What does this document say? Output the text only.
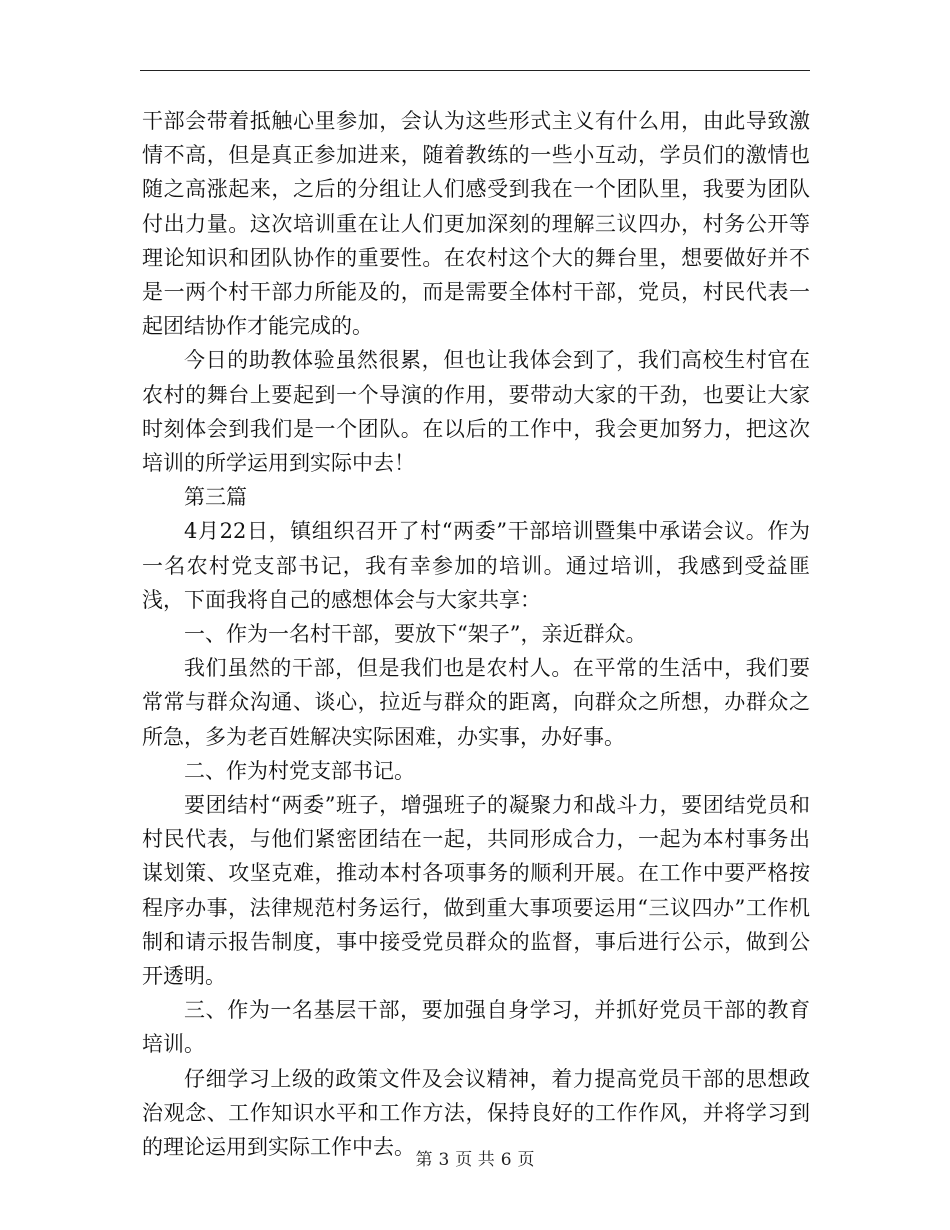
干部会带着抵触心里参加，会认为这些形式主义有什么用，由此导致激情不高，但是真正参加进来，随着教练的一些小互动，学员们的激情也随之高涨起来，之后的分组让人们感受到我在一个团队里，我要为团队付出力量。这次培训重在让人们更加深刻的理解三议四办，村务公开等理论知识和团队协作的重要性。在农村这个大的舞台里，想要做好并不是一两个村干部力所能及的，而是需要全体村干部，党员，村民代表一起团结协作才能完成的。

今日的助教体验虽然很累，但也让我体会到了，我们高校生村官在农村的舞台上要起到一个导演的作用，要带动大家的干劲，也要让大家时刻体会到我们是一个团队。在以后的工作中，我会更加努力，把这次培训的所学运用到实际中去！

第三篇

4月22日，镇组织召开了村“两委”干部培训暨集中承诺会议。作为一名农村党支部书记，我有幸参加的培训。通过培训，我感到受益匪浅，下面我将自己的感想体会与大家共享：

一、作为一名村干部，要放下“架子”，亲近群众。

我们虽然的干部，但是我们也是农村人。在平常的生活中，我们要常常与群众沟通、谈心，拉近与群众的距离，向群众之所想，办群众之所急，多为老百姓解决实际困难，办实事，办好事。

二、作为村党支部书记。

要团结村“两委”班子，增强班子的凝聚力和战斗力，要团结党员和村民代表，与他们紧密团结在一起，共同形成合力，一起为本村事务出谋划策、攻坚克难，推动本村各项事务的顺利开展。在工作中要严格按程序办事，法律规范村务运行，做到重大事项要运用“三议四办”工作机制和请示报告制度，事中接受党员群众的监督，事后进行公示，做到公开透明。

三、作为一名基层干部，要加强自身学习，并抓好党员干部的教育培训。

仔细学习上级的政策文件及会议精神，着力提高党员干部的思想政治观念、工作知识水平和工作方法，保持良好的工作作风，并将学习到的理论运用到实际工作中去。

第 3 页 共 6 页
